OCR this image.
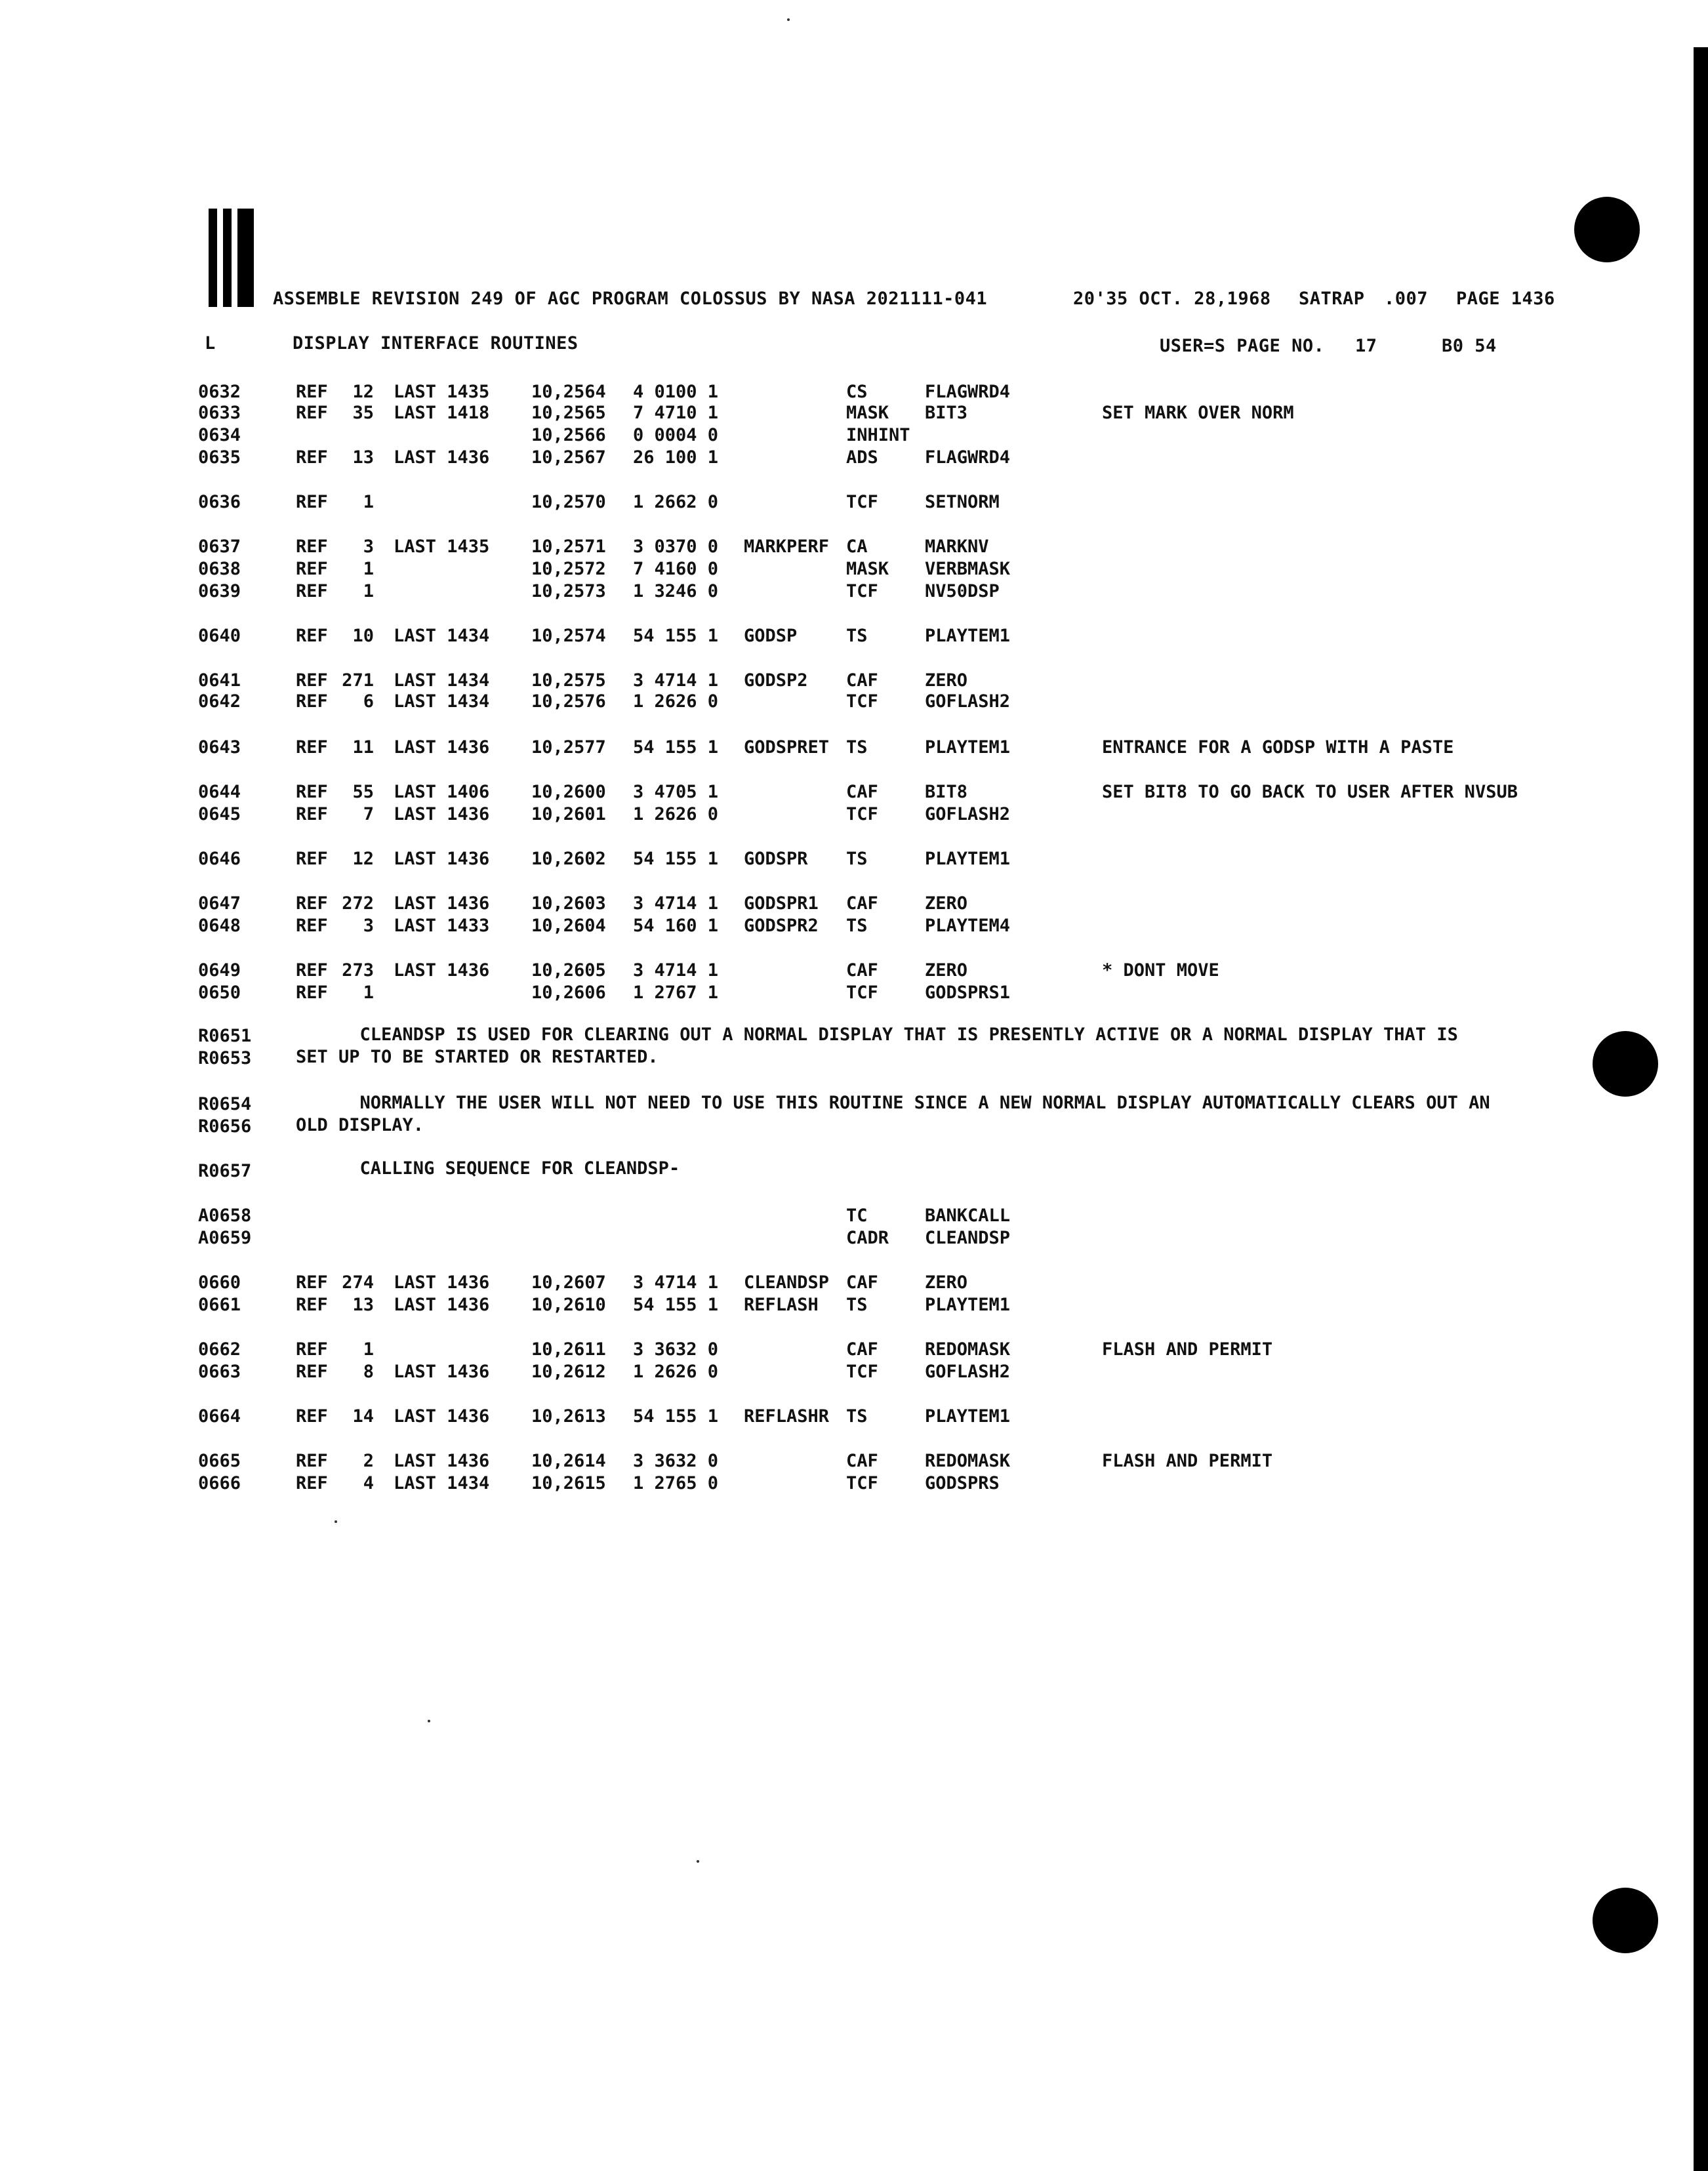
ASSEMBLE REVISION 249 OF AGC PROGRAM COLOSSUS BY NASA 2021111-041	20'35 OCT. 28,1968 SATRAP .007 PAGE 1436
L	DISPLAY INTERFACE ROUTINES	USER=S PAGE NO. 17	B0 54
0632	REF	12 LAST 1435 10,2564 4 0100 1	CS	FLAGWRD4
0633	REF	35 LAST 1418 10,2565 7 4710 1	MASK BIT3	SET MARK OVER NORM
0634	10,2566 0 0004 0	INHINT
0635	REF	13 LAST 1436 10,2567 26 100 1	ADS	FLAGWRD4
0636	REF	1	10,2570 1 2662 0	TCF	SETNORM
0637	REF	3 LAST 1435 10,2571 3 0370 0 MARKPERF CA	MARKNV
0638	REF	1	10,2572 7 4160 0	MASK VERBMASK
0639	REF	1	10,2573 1 3246 0	TCF	NV50DSP
0640	REF	10 LAST 1434 10,2574 54 155 1 GODSP	TS	PLAYTEM1
0641	REF 271 LAST 1434 10,2575 3 4714 1 GODSP2 CAF	ZERO
0642	REF	6 LAST 1434 10,2576 1 2626 0	TCF	GOFLASH2
0643	REF	11 LAST 1436 10,2577 54 155 1 GODSPRET TS	PLAYTEM1	ENTRANCE FOR A GODSP WITH A PASTE
0644	REF	55 LAST 1406 10,2600 3 4705 1	CAF	BIT8	SET BIT8 TO GO BACK TO USER AFTER NVSUB
0645	REF	7 LAST 1436 10,2601 1 2626 0	TCF	GOFLASH2
0646	REF	12 LAST 1436 10,2602 54 155 1 GODSPR TS	PLAYTEM1
0647	REF 272 LAST 1436 10,2603 3 4714 1 GODSPR1 CAF	ZERO
0648	REF	3 LAST 1433 10,2604 54 160 1 GODSPR2 TS	PLAYTEM4
0649	REF 273 LAST 1436 10,2605 3 4714 1	CAF	ZERO	* DONT MOVE
0650	REF	1	10,2606 1 2767 1	TCF	GODSPRS1
A0658	TC	BANKCALL
A0659	CADR CLEANDSP
0660	REF 274 LAST 1436 10,2607 3 4714 1 CLEANDSP CAF	ZERO
0661	REF	13 LAST 1436 10,2610 54 155 1 REFLASH TS	PLAYTEM1
0662	REF	1	10,2611 3 3632 0	CAF	REDOMASK	FLASH AND PERMIT
0663	REF	8 LAST 1436 10,2612 1 2626 0	TCF	GOFLASH2
0664	REF	14 LAST 1436 10,2613 54 155 1 REFLASHR TS	PLAYTEM1
0665	REF	2 LAST 1436 10,2614 3 3632 0	CAF	REDOMASK	FLASH AND PERMIT
0666	REF	4 LAST 1434 10,2615 1 2765 0	TCF	GODSPRS
R0651	CLEANDSP IS USED FOR CLEARING OUT A NORMAL DISPLAY THAT IS PRESENTLY ACTIVE OR A NORMAL DISPLAY THAT IS
R0653	SET UP TO BE STARTED OR RESTARTED.
R0654	NORMALLY THE USER WILL NOT NEED TO USE THIS ROUTINE SINCE A NEW NORMAL DISPLAY AUTOMATICALLY CLEARS OUT AN
R0656	OLD DISPLAY.
R0657	CALLING SEQUENCE FOR CLEANDSP-
